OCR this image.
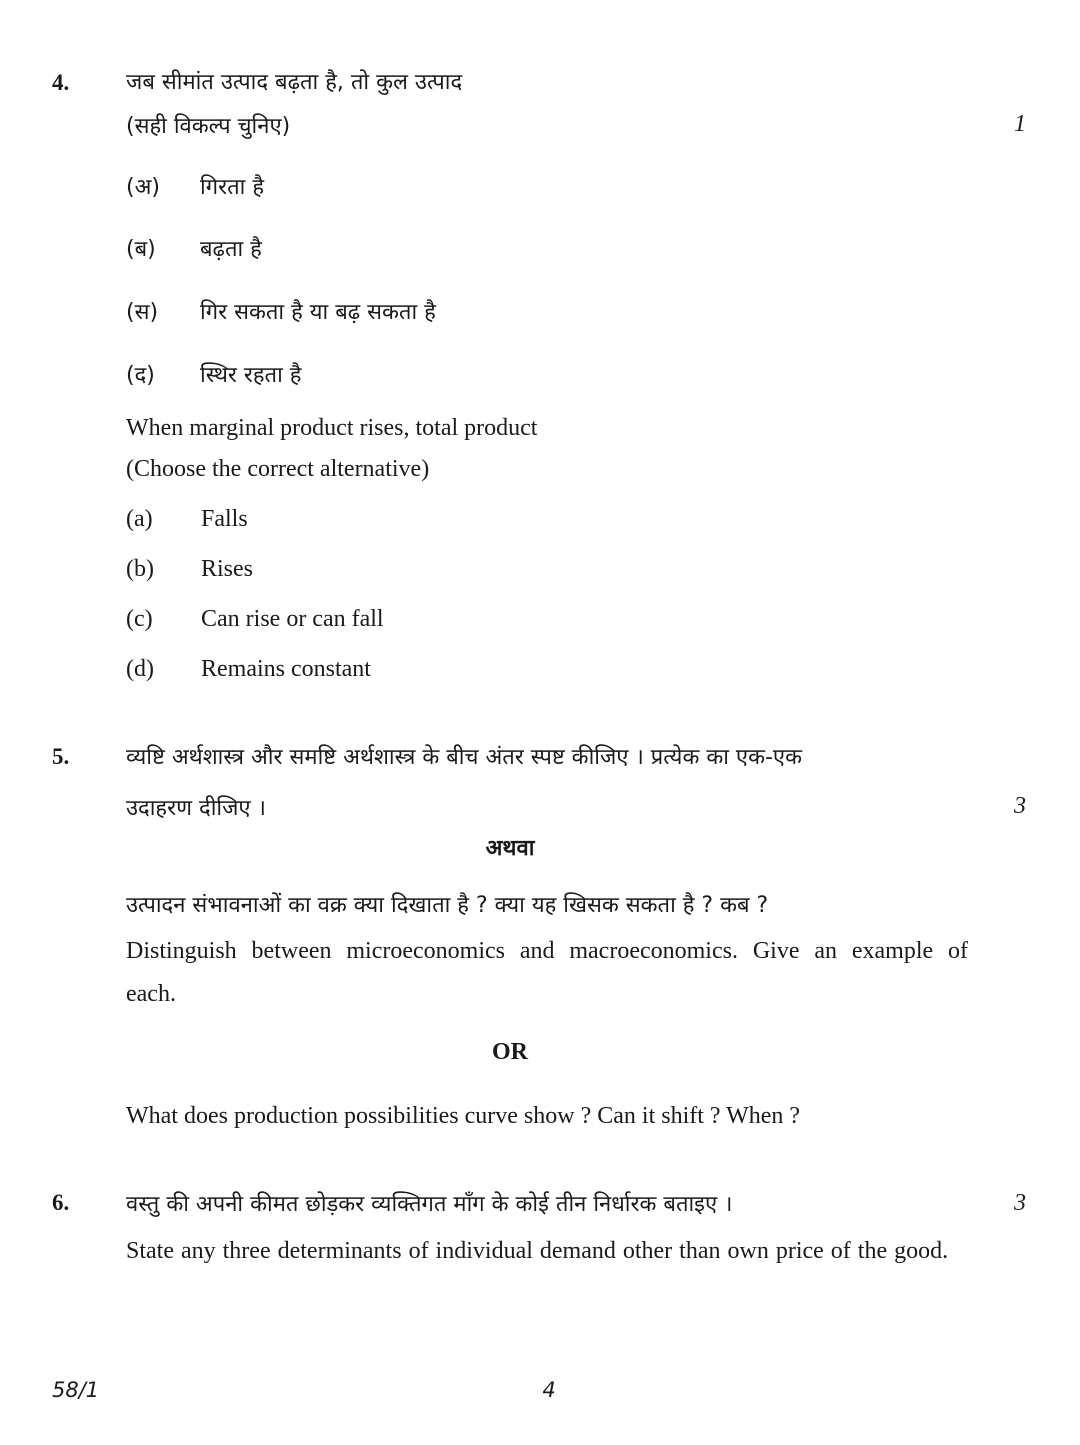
4.	जब सीमांत उत्पाद बढ़ता है, तो कुल उत्पाद
(सही विकल्प चुनिए)	1
(अ) गिरता है
(ब) बढ़ता है
(स) गिर सकता है या बढ़ सकता है
(द) स्थिर रहता है
When marginal product rises, total product
(Choose the correct alternative)
(a) Falls
(b) Rises
(c) Can rise or can fall
(d) Remains constant
5.	व्यष्टि अर्थशास्त्र और समष्टि अर्थशास्त्र के बीच अंतर स्पष्ट कीजिए । प्रत्येक का एक-एक
उदाहरण दीजिए ।	3
अथवा
उत्पादन संभावनाओं का वक्र क्या दिखाता है ? क्या यह खिसक सकता है ? कब ?
Distinguish between microeconomics and macroeconomics. Give an example of each.
OR
What does production possibilities curve show ? Can it shift ? When ?
6.	वस्तु की अपनी कीमत छोड़कर व्यक्तिगत माँग के कोई तीन निर्धारक बताइए ।	3
State any three determinants of individual demand other than own price of the good.
58/1	4
